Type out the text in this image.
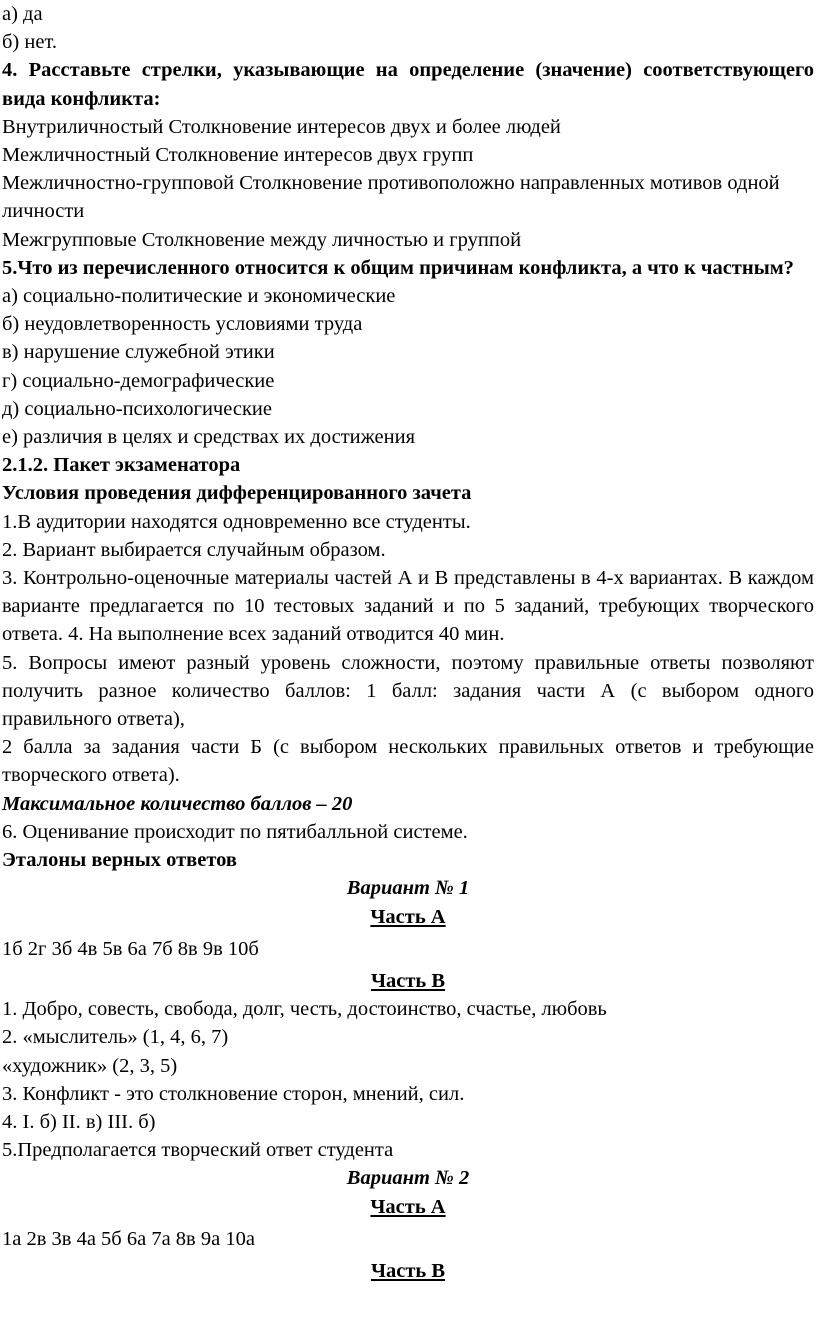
а) да
б) нет.
4. Расставьте стрелки, указывающие на определение (значение) соответствующего вида конфликта:
Внутриличностый Столкновение интересов двух и более людей
Межличностный Столкновение интересов двух групп
Межличностно-групповой Столкновение противоположно направленных мотивов одной личности
Межгрупповые Столкновение между личностью и группой
5.Что из перечисленного относится к общим причинам конфликта, а что к частным?
а) социально-политические и экономические
б) неудовлетворенность условиями труда
в) нарушение служебной этики
г) социально-демографические
д) социально-психологические
е) различия в целях и средствах их достижения
2.1.2. Пакет экзаменатора
Условия проведения дифференцированного зачета
1.В аудитории находятся одновременно все студенты.
2. Вариант выбирается случайным образом.
3. Контрольно-оценочные материалы частей А и В представлены в 4-х вариантах. В каждом варианте предлагается по 10 тестовых заданий и по 5 заданий, требующих творческого ответа. 4. На выполнение всех заданий отводится 40 мин.
5. Вопросы имеют разный уровень сложности, поэтому правильные ответы позволяют получить разное количество баллов: 1 балл: задания части А (с выбором одного правильного ответа),
2 балла за задания части Б (с выбором нескольких правильных ответов и требующие творческого ответа).
Максимальное количество баллов – 20
6. Оценивание происходит по пятибалльной системе.
Эталоны верных ответов
Вариант № 1
Часть А
1б 2г 3б 4в 5в 6а 7б 8в 9в 10б
Часть В
1. Добро, совесть, свобода, долг, честь, достоинство, счастье, любовь
2. «мыслитель» (1, 4, 6, 7)
«художник» (2, 3, 5)
3. Конфликт - это столкновение сторон, мнений, сил.
4. I. б) II. в) III. б)
5.Предполагается творческий ответ студента
Вариант № 2
Часть А
1а 2в 3в 4а 5б 6а 7а 8в 9а 10а
Часть В
